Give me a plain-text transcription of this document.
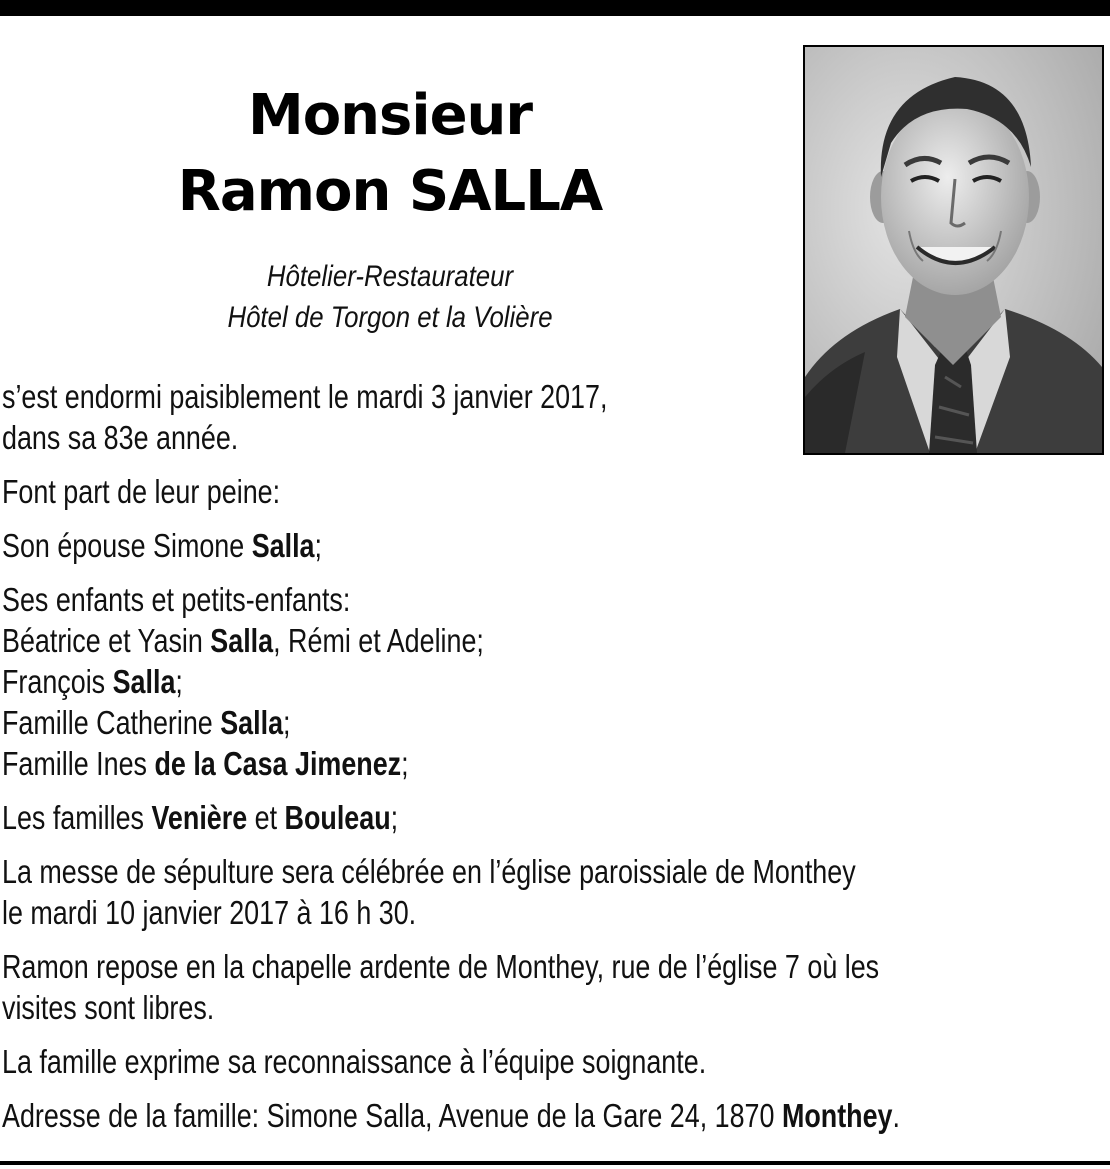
Monsieur
Ramon SALLA
Hôtelier-Restaurateur
Hôtel de Torgon et la Volière
s’est endormi paisiblement le mardi 3 janvier 2017,
dans sa 83e année.
Font part de leur peine:
Son épouse Simone Salla;
Ses enfants et petits-enfants:
Béatrice et Yasin Salla, Rémi et Adeline;
François Salla;
Famille Catherine Salla;
Famille Ines de la Casa Jimenez;
Les familles Venière et Bouleau;
La messe de sépulture sera célébrée en l’église paroissiale de Monthey
le mardi 10 janvier 2017 à 16 h 30.
Ramon repose en la chapelle ardente de Monthey, rue de l’église 7 où les
visites sont libres.
La famille exprime sa reconnaissance à l’équipe soignante.
Adresse de la famille: Simone Salla, Avenue de la Gare 24, 1870 Monthey.
